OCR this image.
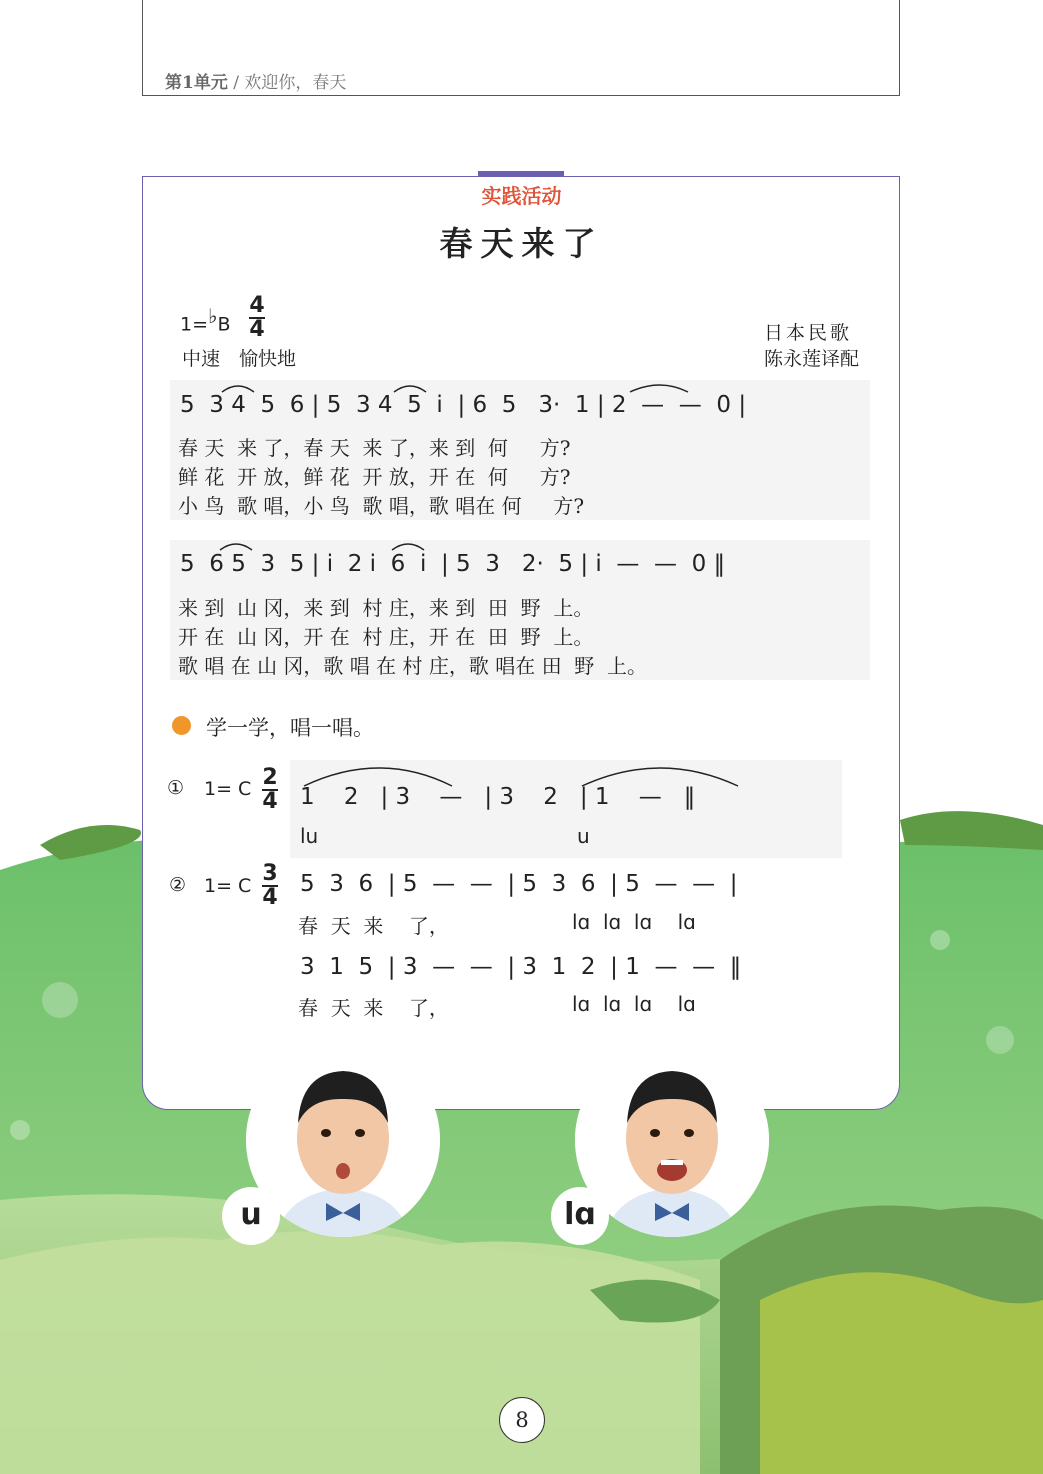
第1单元 / 欢迎你，春天
实践活动
春天来了
1=♭B
4
4
中速　愉快地
日本民歌
陈永莲译配
5  3 4  5  6 | 5  3 4  5  i  | 6  5   3·  1 | 2  —  —  0 |
春 天  来 了，春 天  来 了，来 到  何     方?
鲜 花  开 放，鲜 花  开 放，开 在  何     方?
小 鸟  歌 唱，小 鸟  歌 唱，歌 唱在 何     方?
5  6 5  3  5 | i  2 i  6  i  | 5  3   2·  5 | i  —  —  0 ‖
来 到  山 冈，来 到  村 庄，来 到  田  野  上。
开 在  山 冈，开 在  村 庄，开 在  田  野  上。
歌 唱 在 山 冈，歌 唱 在 村 庄，歌 唱在 田  野  上。
学一学，唱一唱。
① 1= C 2
4 1    2   | 3    —   | 3    2   | 1    —   ‖
lu	u
② 1= C 3
4
5  3  6  | 5  —  —  | 5  3  6  | 5  —  —  |
春  天  来    了，	lɑ  lɑ  lɑ    lɑ
3  1  5  | 3  —  —  | 3  1  2  | 1  —  —  ‖
春  天  来    了，	lɑ  lɑ  lɑ    lɑ
u	lɑ
8
